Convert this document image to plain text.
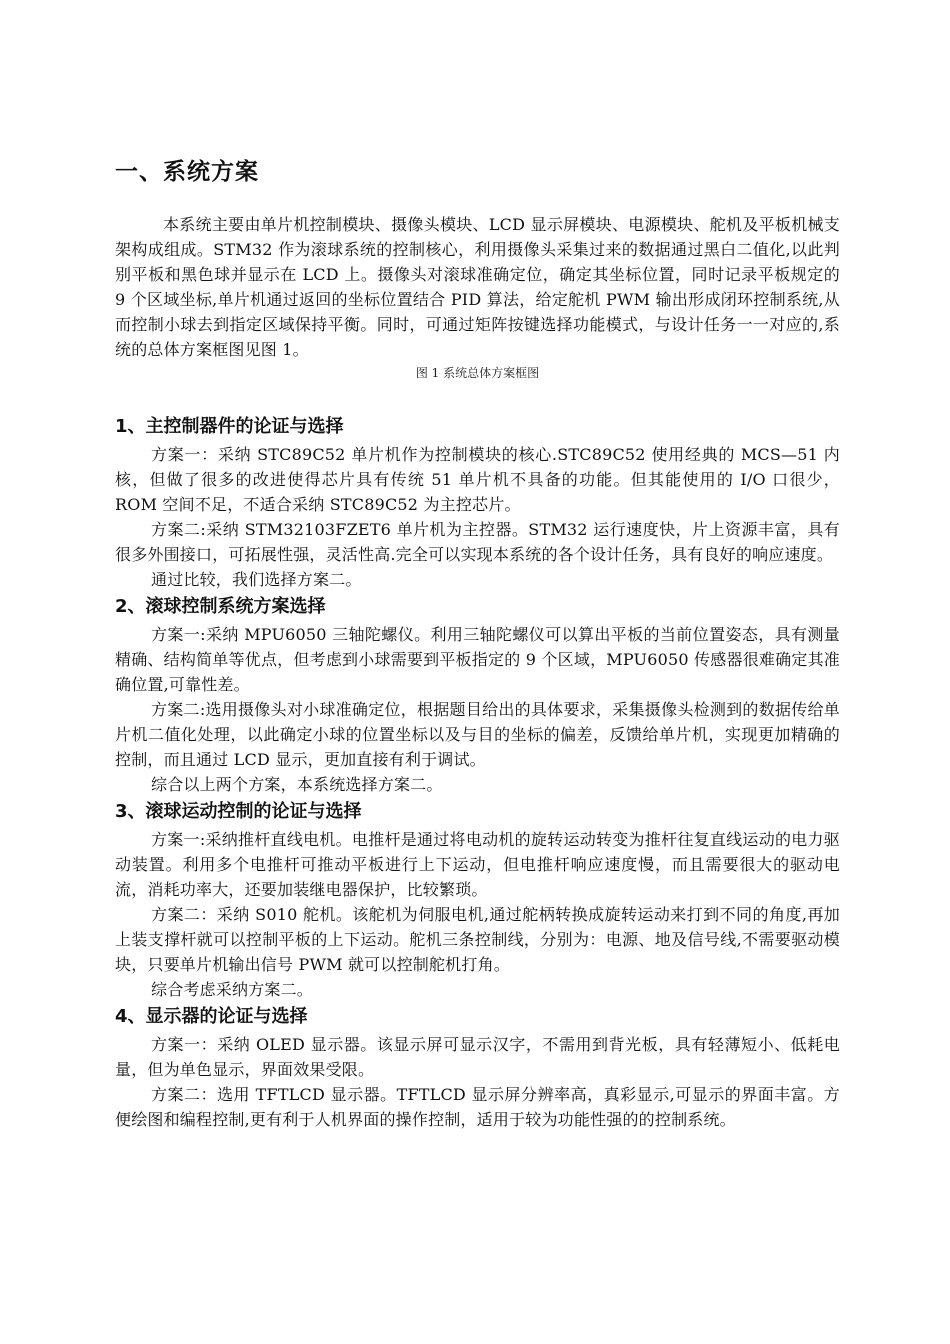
一、系统方案

本系统主要由单片机控制模块、摄像头模块、LCD 显示屏模块、电源模块、舵机及平板机械支架构成组成。STM32 作为滚球系统的控制核心，利用摄像头采集过来的数据通过黑白二值化,以此判别平板和黑色球并显示在 LCD 上。摄像头对滚球准确定位，确定其坐标位置，同时记录平板规定的 9 个区域坐标,单片机通过返回的坐标位置结合 PID 算法，给定舵机 PWM 输出形成闭环控制系统,从而控制小球去到指定区域保持平衡。同时，可通过矩阵按键选择功能模式，与设计任务一一对应的,系统的总体方案框图见图 1。

图 1 系统总体方案框图
1、主控制器件的论证与选择

方案一：采纳 STC89C52 单片机作为控制模块的核心.STC89C52 使用经典的 MCS—51 内核，但做了很多的改进使得芯片具有传统 51 单片机不具备的功能。但其能使用的 I/O 口很少，ROM 空间不足，不适合采纳 STC89C52 为主控芯片。

方案二:采纳 STM32103FZET6 单片机为主控器。STM32 运行速度快，片上资源丰富，具有很多外围接口，可拓展性强，灵活性高.完全可以实现本系统的各个设计任务，具有良好的响应速度。

通过比较，我们选择方案二。

2、滚球控制系统方案选择

方案一:采纳 MPU6050 三轴陀螺仪。利用三轴陀螺仪可以算出平板的当前位置姿态，具有测量精确、结构简单等优点，但考虑到小球需要到平板指定的 9 个区域，MPU6050 传感器很难确定其准确位置,可靠性差。

方案二:选用摄像头对小球准确定位，根据题目给出的具体要求，采集摄像头检测到的数据传给单片机二值化处理，以此确定小球的位置坐标以及与目的坐标的偏差，反馈给单片机，实现更加精确的控制，而且通过 LCD 显示，更加直接有利于调试。

综合以上两个方案，本系统选择方案二。

3、滚球运动控制的论证与选择

方案一:采纳推杆直线电机。电推杆是通过将电动机的旋转运动转变为推杆往复直线运动的电力驱动装置。利用多个电推杆可推动平板进行上下运动，但电推杆响应速度慢，而且需要很大的驱动电流，消耗功率大，还要加装继电器保护，比较繁琐。

方案二：采纳 S010 舵机。该舵机为伺服电机,通过舵柄转换成旋转运动来打到不同的角度,再加上装支撑杆就可以控制平板的上下运动。舵机三条控制线，分别为：电源、地及信号线,不需要驱动模块，只要单片机输出信号 PWM 就可以控制舵机打角。

综合考虑采纳方案二。

4、显示器的论证与选择

方案一：采纳 OLED 显示器。该显示屏可显示汉字，不需用到背光板，具有轻薄短小、低耗电量，但为单色显示，界面效果受限。

方案二：选用 TFTLCD 显示器。TFTLCD 显示屏分辨率高，真彩显示,可显示的界面丰富。方便绘图和编程控制,更有利于人机界面的操作控制，适用于较为功能性强的的控制系统。
